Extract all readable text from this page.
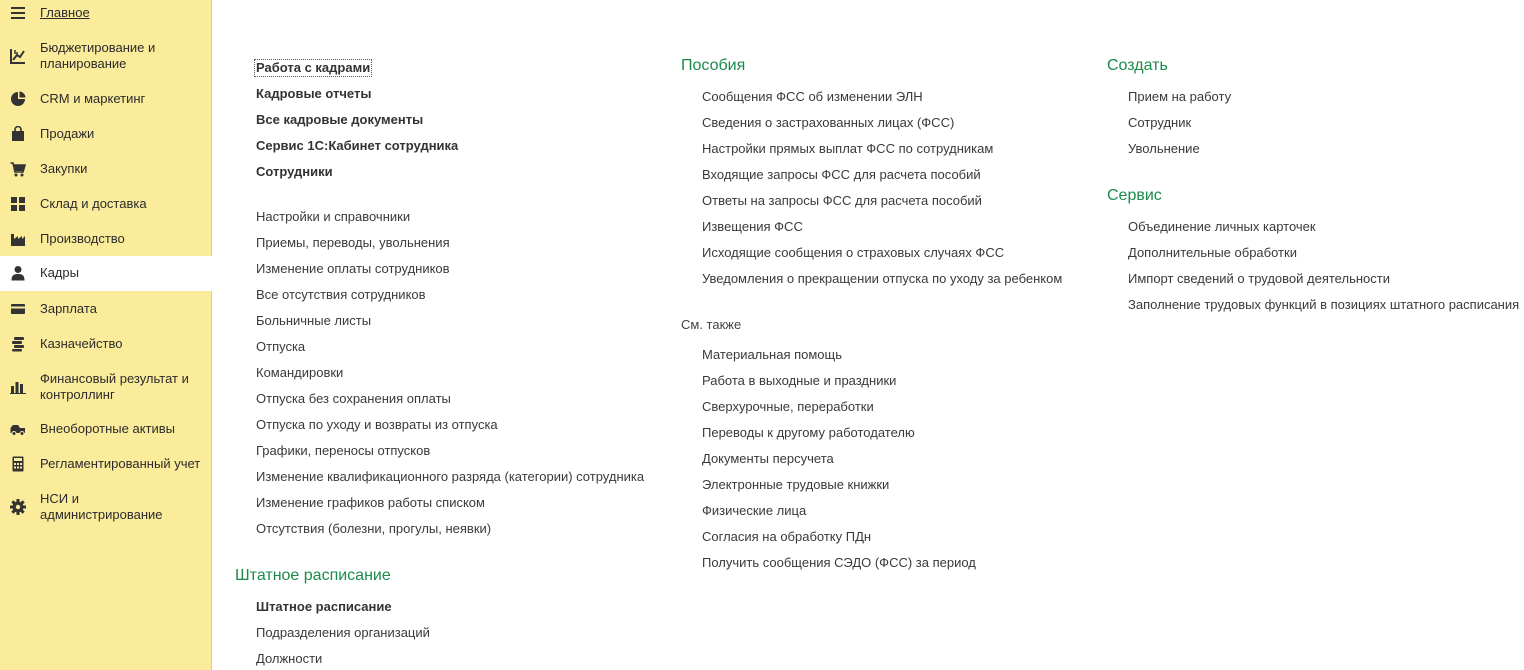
Главное
Бюджетирование и планирование
CRM и маркетинг
Продажи
Закупки
Склад и доставка
Производство
Кадры
Зарплата
Казначейство
Финансовый результат и контроллинг
Внеоборотные активы
Регламентированный учет
НСИ и администрирование
Работа с кадрами
Кадровые отчеты
Все кадровые документы
Сервис 1С:Кабинет сотрудника
Сотрудники
Настройки и справочники
Приемы, переводы, увольнения
Изменение оплаты сотрудников
Все отсутствия сотрудников
Больничные листы
Отпуска
Командировки
Отпуска без сохранения оплаты
Отпуска по уходу и возвраты из отпуска
Графики, переносы отпусков
Изменение квалификационного разряда (категории) сотрудника
Изменение графиков работы списком
Отсутствия (болезни, прогулы, неявки)
Штатное расписание
Штатное расписание
Подразделения организаций
Должности
Пособия
Сообщения ФСС об изменении ЭЛН
Сведения о застрахованных лицах (ФСС)
Настройки прямых выплат ФСС по сотрудникам
Входящие запросы ФСС для расчета пособий
Ответы на запросы ФСС для расчета пособий
Извещения ФСС
Исходящие сообщения о страховых случаях ФСС
Уведомления о прекращении отпуска по уходу за ребенком
См. также
Материальная помощь
Работа в выходные и праздники
Сверхурочные, переработки
Переводы к другому работодателю
Документы персучета
Электронные трудовые книжки
Физические лица
Согласия на обработку ПДн
Получить сообщения СЭДО (ФСС) за период
Создать
Прием на работу
Сотрудник
Увольнение
Сервис
Объединение личных карточек
Дополнительные обработки
Импорт сведений о трудовой деятельности
Заполнение трудовых функций в позициях штатного расписания
